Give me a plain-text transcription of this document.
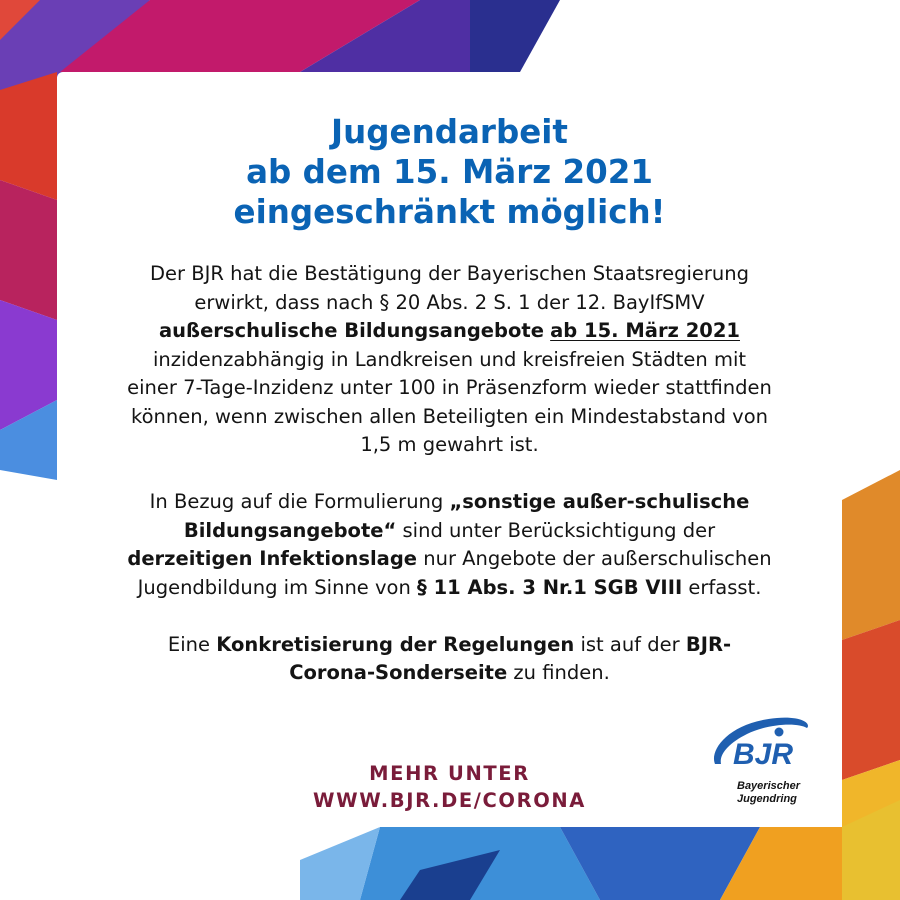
Jugendarbeit
ab dem 15. März 2021
eingeschränkt möglich!

Der BJR hat die Bestätigung der Bayerischen Staatsregierung erwirkt, dass nach § 20 Abs. 2 S. 1 der 12. BayIfSMV außerschulische Bildungsangebote ab 15. März 2021 inzidenzabhängig in Landkreisen und kreisfreien Städten mit einer 7-Tage-Inzidenz unter 100 in Präsenzform wieder stattfinden können, wenn zwischen allen Beteiligten ein Mindestabstand von 1,5 m gewahrt ist.

In Bezug auf die Formulierung „sonstige außer-schulische Bildungsangebote“ sind unter Berücksichtigung der derzeitigen Infektionslage nur Angebote der außerschulischen Jugendbildung im Sinne von § 11 Abs. 3 Nr.1 SGB VIII erfasst.

Eine Konkretisierung der Regelungen ist auf der BJR-Corona-Sonderseite zu finden.

MEHR UNTER
WWW.BJR.DE/CORONA
BJR
Bayerischer
Jugendring
